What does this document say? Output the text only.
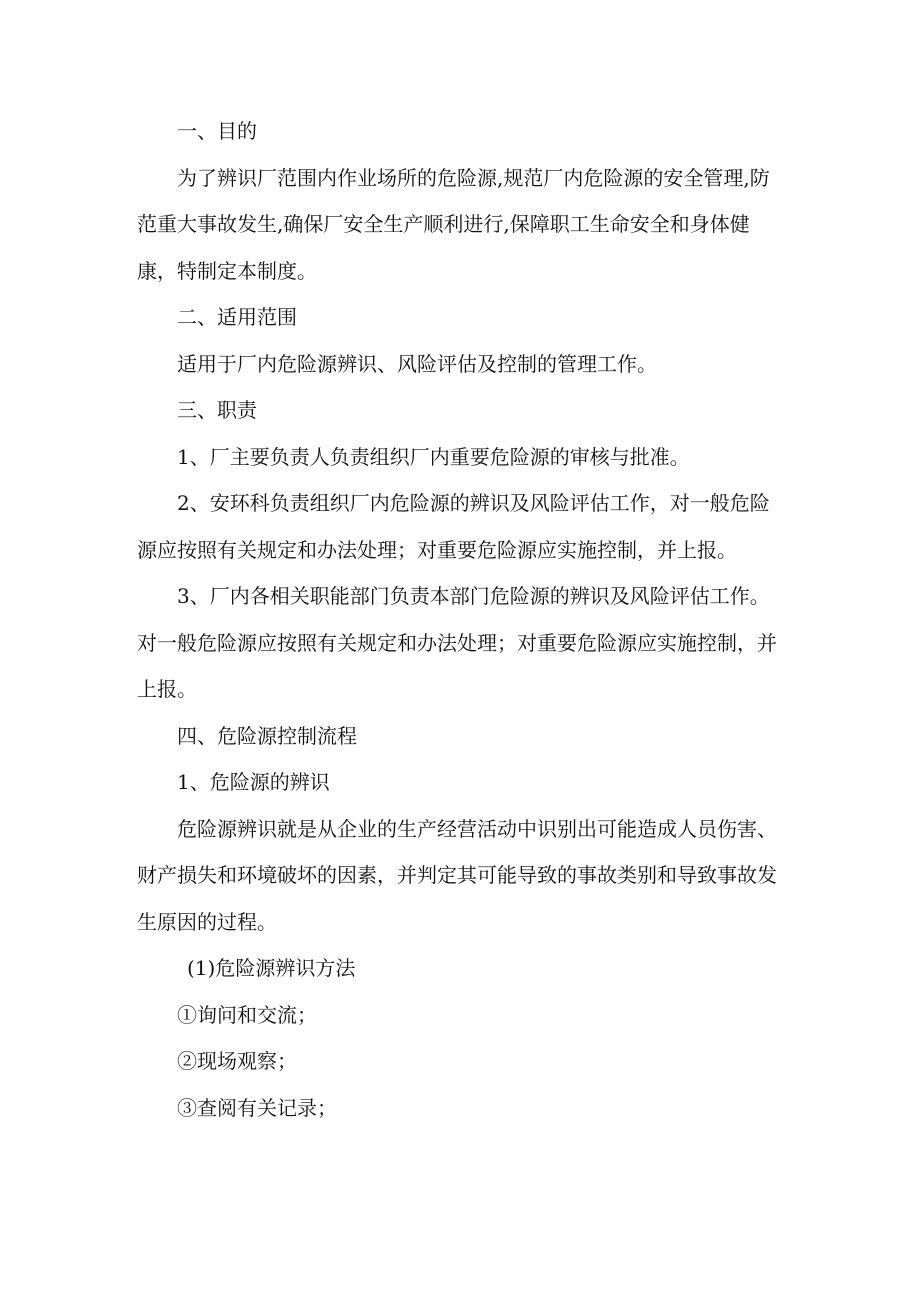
一、目的

为了辨识厂范围内作业场所的危险源,规范厂内危险源的安全管理,防范重大事故发生,确保厂安全生产顺利进行,保障职工生命安全和身体健康，特制定本制度。

二、适用范围

适用于厂内危险源辨识、风险评估及控制的管理工作。

三、职责

1、厂主要负责人负责组织厂内重要危险源的审核与批准。

2、安环科负责组织厂内危险源的辨识及风险评估工作，对一般危险源应按照有关规定和办法处理；对重要危险源应实施控制，并上报。

3、厂内各相关职能部门负责本部门危险源的辨识及风险评估工作。对一般危险源应按照有关规定和办法处理；对重要危险源应实施控制，并上报。

四、危险源控制流程

1、危险源的辨识

危险源辨识就是从企业的生产经营活动中识别出可能造成人员伤害、财产损失和环境破坏的因素，并判定其可能导致的事故类别和导致事故发生原因的过程。

(1)危险源辨识方法

①询问和交流；

②现场观察；

③查阅有关记录；
